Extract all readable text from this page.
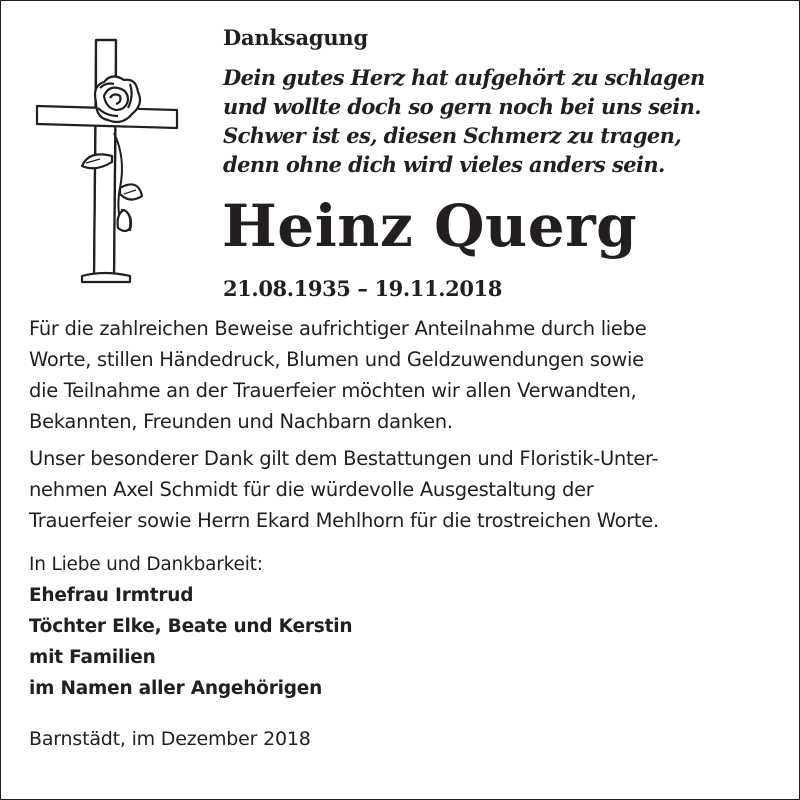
Danksagung
Dein gutes Herz hat aufgehört zu schlagen
und wollte doch so gern noch bei uns sein.
Schwer ist es, diesen Schmerz zu tragen,
denn ohne dich wird vieles anders sein.
Heinz Querg
21.08.1935 – 19.11.2018
Für die zahlreichen Beweise aufrichtiger Anteilnahme durch liebe
Worte, stillen Händedruck, Blumen und Geldzuwendungen sowie
die Teilnahme an der Trauerfeier möchten wir allen Verwandten,
Bekannten, Freunden und Nachbarn danken.
Unser besonderer Dank gilt dem Bestattungen und Floristik-Unter-
nehmen Axel Schmidt für die würdevolle Ausgestaltung der
Trauerfeier sowie Herrn Ekard Mehlhorn für die trostreichen Worte.
In Liebe und Dankbarkeit:
Ehefrau Irmtrud
Töchter Elke, Beate und Kerstin
mit Familien
im Namen aller Angehörigen
Barnstädt, im Dezember 2018
